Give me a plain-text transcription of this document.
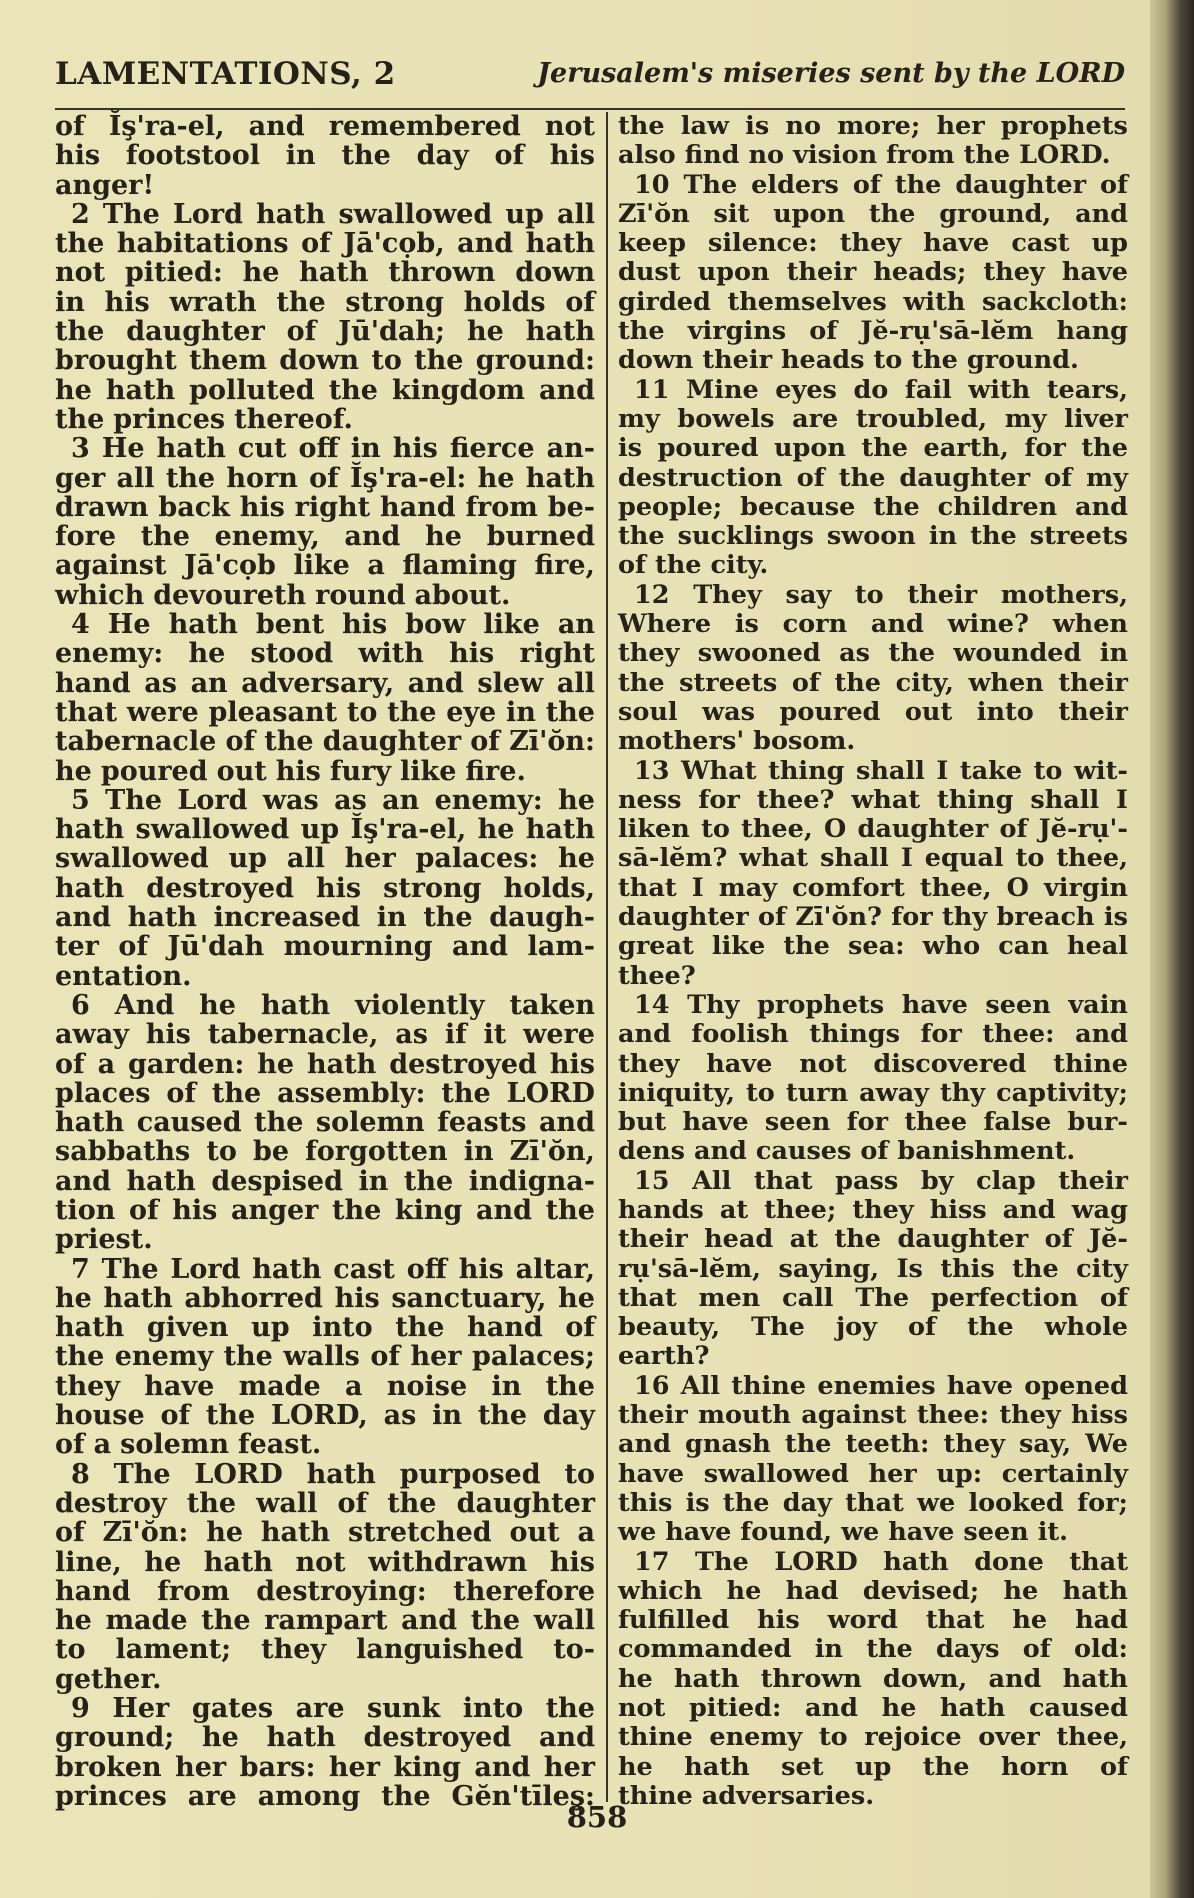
LAMENTATIONS, 2	Jerusalem's miseries sent by the LORD
of Ĭş'ra-el, and remembered not
his footstool in the day of his
anger!
2 The Lord hath swallowed up all
the habitations of Jā'cọb, and hath
not pitied: he hath thrown down
in his wrath the strong holds of
the daughter of Jū'dah; he hath
brought them down to the ground:
he hath polluted the kingdom and
the princes thereof.
3 He hath cut off in his fierce an-
ger all the horn of Ĭş'ra-el: he hath
drawn back his right hand from be-
fore the enemy, and he burned
against Jā'cọb like a flaming fire,
which devoureth round about.
4 He hath bent his bow like an
enemy: he stood with his right
hand as an adversary, and slew all
that were pleasant to the eye in the
tabernacle of the daughter of Zī'ŏn:
he poured out his fury like fire.
5 The Lord was as an enemy: he
hath swallowed up Ĭş'ra-el, he hath
swallowed up all her palaces: he
hath destroyed his strong holds,
and hath increased in the daugh-
ter of Jū'dah mourning and lam-
entation.
6 And he hath violently taken
away his tabernacle, as if it were
of a garden: he hath destroyed his
places of the assembly: the LORD
hath caused the solemn feasts and
sabbaths to be forgotten in Zī'ŏn,
and hath despised in the indigna-
tion of his anger the king and the
priest.
7 The Lord hath cast off his altar,
he hath abhorred his sanctuary, he
hath given up into the hand of
the enemy the walls of her palaces;
they have made a noise in the
house of the LORD, as in the day
of a solemn feast.
8 The LORD hath purposed to
destroy the wall of the daughter
of Zī'ŏn: he hath stretched out a
line, he hath not withdrawn his
hand from destroying: therefore
he made the rampart and the wall
to lament; they languished to-
gether.
9 Her gates are sunk into the
ground; he hath destroyed and
broken her bars: her king and her
princes are among the Gĕn'tīleş:
the law is no more; her prophets
also find no vision from the LORD.
10 The elders of the daughter of
Zī'ŏn sit upon the ground, and
keep silence: they have cast up
dust upon their heads; they have
girded themselves with sackcloth:
the virgins of Jĕ-rụ'sā-lĕm hang
down their heads to the ground.
11 Mine eyes do fail with tears,
my bowels are troubled, my liver
is poured upon the earth, for the
destruction of the daughter of my
people; because the children and
the sucklings swoon in the streets
of the city.
12 They say to their mothers,
Where is corn and wine? when
they swooned as the wounded in
the streets of the city, when their
soul was poured out into their
mothers' bosom.
13 What thing shall I take to wit-
ness for thee? what thing shall I
liken to thee, O daughter of Jĕ-rụ'-
sā-lĕm? what shall I equal to thee,
that I may comfort thee, O virgin
daughter of Zī'ŏn? for thy breach is
great like the sea: who can heal
thee?
14 Thy prophets have seen vain
and foolish things for thee: and
they have not discovered thine
iniquity, to turn away thy captivity;
but have seen for thee false bur-
dens and causes of banishment.
15 All that pass by clap their
hands at thee; they hiss and wag
their head at the daughter of Jĕ-
rụ'sā-lĕm, saying, Is this the city
that men call The perfection of
beauty, The joy of the whole
earth?
16 All thine enemies have opened
their mouth against thee: they hiss
and gnash the teeth: they say, We
have swallowed her up: certainly
this is the day that we looked for;
we have found, we have seen it.
17 The LORD hath done that
which he had devised; he hath
fulfilled his word that he had
commanded in the days of old:
he hath thrown down, and hath
not pitied: and he hath caused
thine enemy to rejoice over thee,
he hath set up the horn of
thine adversaries.
858
